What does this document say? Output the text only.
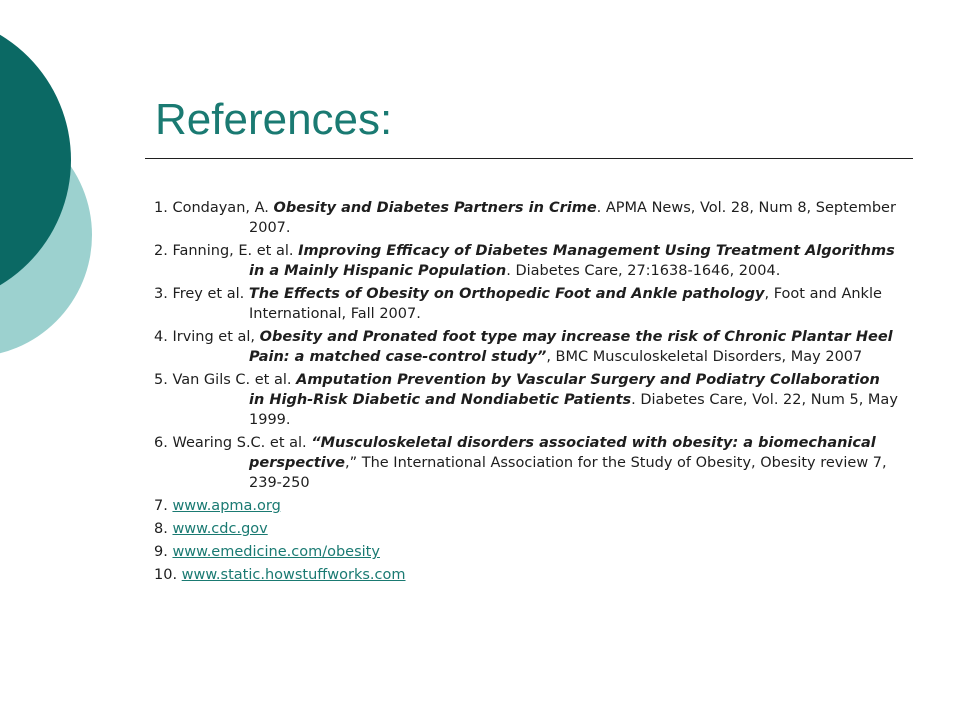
References:
1. Condayan, A. Obesity and Diabetes Partners in Crime. APMA News, Vol. 28, Num 8, September 2007.
2. Fanning, E. et al. Improving Efficacy of Diabetes Management Using Treatment Algorithms in a Mainly Hispanic Population. Diabetes Care, 27:1638-1646, 2004.
3. Frey et al. The Effects of Obesity on Orthopedic Foot and Ankle pathology, Foot and Ankle International, Fall 2007.
4. Irving et al, Obesity and Pronated foot type may increase the risk of Chronic Plantar Heel Pain: a matched case-control study”, BMC Musculoskeletal Disorders, May 2007
5. Van Gils C. et al. Amputation Prevention by Vascular Surgery and Podiatry Collaboration in High-Risk Diabetic and Nondiabetic Patients. Diabetes Care, Vol. 22, Num 5, May 1999.
6. Wearing S.C. et al. “Musculoskeletal disorders associated with obesity: a biomechanical perspective,” The International Association for the Study of Obesity, Obesity review 7, 239-250
7. www.apma.org
8. www.cdc.gov
9. www.emedicine.com/obesity
10. www.static.howstuffworks.com
